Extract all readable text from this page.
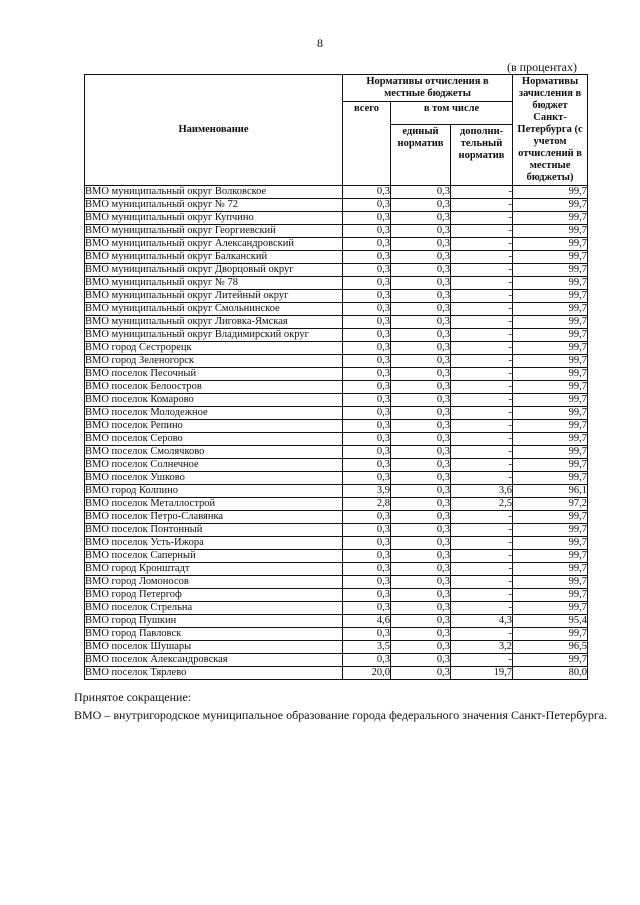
8
(в процентах)
Наименование	Нормативы отчисления в местные бюджеты			Нормативы зачисления в бюджет Санкт-Петербурга (с учетом отчислений в местные бюджеты)
	всего	в том числе		
		единый норматив	дополни-тельный норматив	
ВМО муниципальный округ Волковское	0,3	0,3	-	99,7
ВМО муниципальный округ № 72	0,3	0,3	-	99,7
ВМО муниципальный округ Купчино	0,3	0,3	-	99,7
ВМО муниципальный округ Георгиевский	0,3	0,3	-	99,7
ВМО муниципальный округ Александровский	0,3	0,3	-	99,7
ВМО муниципальный округ Балканский	0,3	0,3	-	99,7
ВМО муниципальный округ Дворцовый округ	0,3	0,3	-	99,7
ВМО муниципальный округ № 78	0,3	0,3	-	99,7
ВМО муниципальный округ Литейный округ	0,3	0,3	-	99,7
ВМО муниципальный округ Смольнинское	0,3	0,3	-	99,7
ВМО муниципальный округ Лиговка-Ямская	0,3	0,3	-	99,7
ВМО муниципальный округ Владимирский округ	0,3	0,3	-	99,7
ВМО город Сестрорецк	0,3	0,3	-	99,7
ВМО город Зеленогорск	0,3	0,3	-	99,7
ВМО поселок Песочный	0,3	0,3	-	99,7
ВМО поселок Белоостров	0,3	0,3	-	99,7
ВМО поселок Комарово	0,3	0,3	-	99,7
ВМО поселок Молодежное	0,3	0,3	-	99,7
ВМО поселок Репино	0,3	0,3	-	99,7
ВМО поселок Серово	0,3	0,3	-	99,7
ВМО поселок Смолячково	0,3	0,3	-	99,7
ВМО поселок Солнечное	0,3	0,3	-	99,7
ВМО поселок Ушково	0,3	0,3	-	99,7
ВМО город Колпино	3,9	0,3	3,6	96,1
ВМО поселок Металлострой	2,8	0,3	2,5	97,2
ВМО поселок Петро-Славянка	0,3	0,3	-	99,7
ВМО поселок Понтонный	0,3	0,3	-	99,7
ВМО поселок Усть-Ижора	0,3	0,3	-	99,7
ВМО поселок Саперный	0,3	0,3	-	99,7
ВМО город Кронштадт	0,3	0,3	-	99,7
ВМО город Ломоносов	0,3	0,3	-	99,7
ВМО город Петергоф	0,3	0,3	-	99,7
ВМО поселок Стрельна	0,3	0,3	-	99,7
ВМО город Пушкин	4,6	0,3	4,3	95,4
ВМО город Павловск	0,3	0,3	-	99,7
ВМО поселок Шушары	3,5	0,3	3,2	96,5
ВМО поселок Александровская	0,3	0,3	-	99,7
ВМО поселок Тярлево	20,0	0,3	19,7	80,0
Принятое сокращение:
ВМО – внутригородское муниципальное образование города федерального значения Санкт-Петербурга.
